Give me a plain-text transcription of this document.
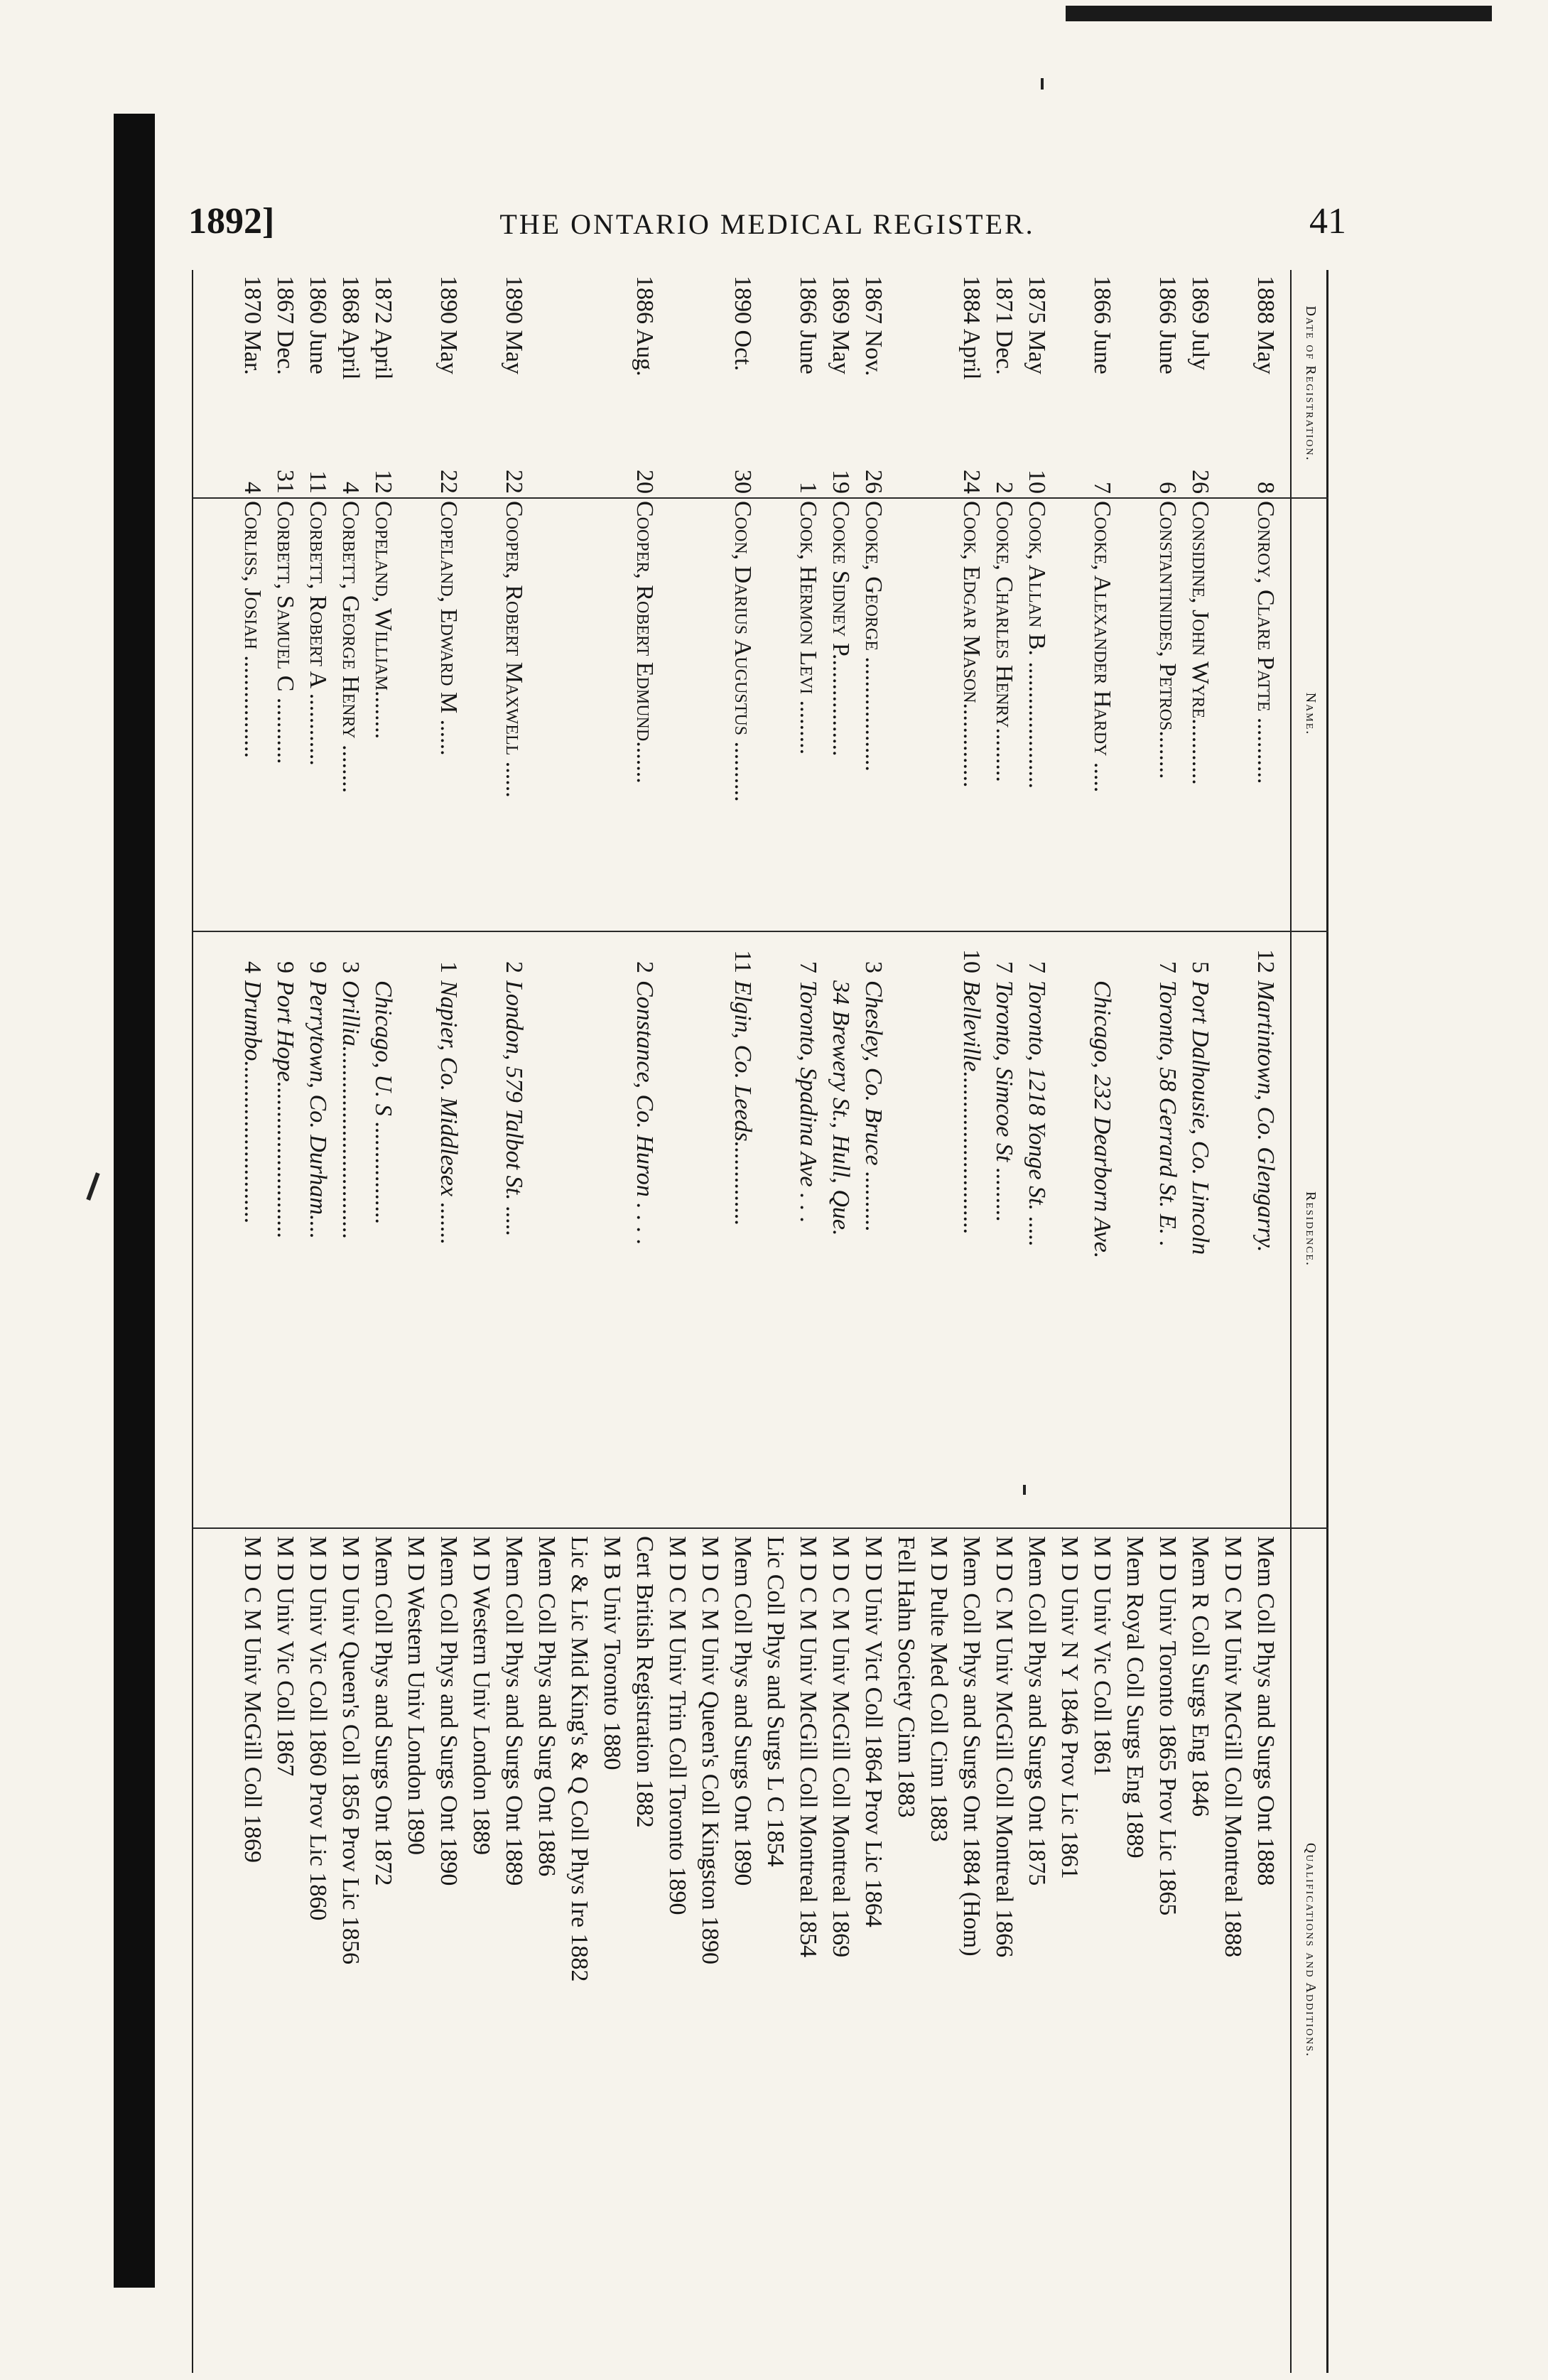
1892]	THE ONTARIO MEDICAL REGISTER.	41
Date of Registration.
Name.
Residence.
Qualifications and Additions.
1888 May
8
Conroy, Clare Patte ...........
12
Martintown, Co. Glengarry.
Mem Coll Phys and Surgs Ont 1888
M D C M Univ McGill Coll Montreal 1888
1869 July
26
Considine, John Wyre...........
5
Port Dalhousie, Co. Lincoln
Mem R Coll Surgs Eng 1846
1866 June
6
Constantinides, Petros........
7
Toronto, 58 Gerrard St. E. .
M D Univ Toronto 1865 Prov Lic 1865
Mem Royal Coll Surgs Eng 1889
1866 June
7
Cooke, Alexander Hardy .....
Chicago, 232 Dearborn Ave.
M D Univ Vic Coll 1861
M D Univ N Y 1846 Prov Lic 1861
1875 May
10
Cook, Allan B. .....................
7
Toronto, 1218 Yonge St. .....
Mem Coll Phys and Surgs Ont 1875
1871 Dec.
2
Cooke, Charles Henry.........
7
Toronto, Simcoe St .........
M D C M Univ McGill Coll Montreal 1866
1884 April
24
Cook, Edgar Mason..............
10
Belleville...........................
Mem Coll Phys and Surgs Ont 1884 (Hom)
M D Pulte Med Coll Cinn 1883
Fell Hahn Society Cinn 1883
1867 Nov.
26
Cooke, George ...................
3
Chesley, Co. Bruce ..........
M D Univ Vict Coll 1864 Prov Lic 1864
1869 May
19
Cooke Sidney P.................
34 Brewery St., Hull, Que.
M D C M Univ McGill Coll Montreal 1869
1866 June
1
Cook, Hermon Levi .........
7
Toronto, Spadina Ave . . .
M D C M Univ McGill Coll Montreal 1854
Lic Coll Phys and Surgs L C 1854
1890 Oct.
30
Coon, Darius Augustus ..........
11
Elgin, Co. Leeds..............
Mem Coll Phys and Surgs Ont 1890
M D C M Univ Queen's Coll Kingston 1890
M D C M Univ Trin Coll Toronto 1890
1886 Aug.
20
Cooper, Robert Edmund.......
2
Constance, Co. Huron . . . .
Cert British Registration 1882
M B Univ Toronto 1880
Lic & Lic Mid King's & Q Coll Phys Ire 1882
Mem Coll Phys and Surg Ont 1886
1890 May
22
Cooper, Robert Maxwell ......
2
London, 579 Talbot St. .....
Mem Coll Phys and Surgs Ont 1889
M D Western Univ London 1889
1890 May
22
Copeland, Edward M ......
1
Napier, Co. Middlesex .......
Mem Coll Phys and Surgs Ont 1890
M D Western Univ London 1890
1872 April
12
Copeland, William........
Chicago, U. S .................
Mem Coll Phys and Surgs Ont 1872
1868 April
4
Corbett, George Henry ........
3
Orillia................................
M D Univ Queen's Coll 1856 Prov Lic 1856
1860 June
11
Corbett, Robert A ............
9
Perrytown, Co. Durham....
M D Univ Vic Coll 1860 Prov Lic 1860
1867 Dec.
31
Corbett, Samuel C ...........
9
Port Hope..........................
M D Univ Vic Coll 1867
1870 Mar.
4
Corliss, Josiah .................
4
Drumbo...........................
M D C M Univ McGill Coll 1869
